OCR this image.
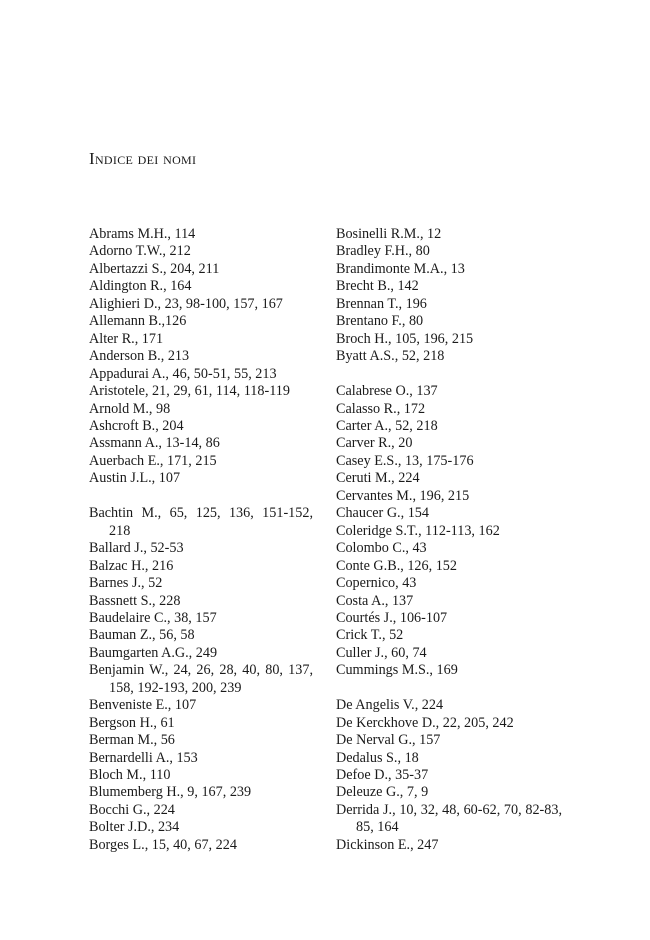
Indice dei nomi
Abrams M.H., 114
Adorno T.W., 212
Albertazzi S., 204, 211
Aldington R., 164
Alighieri D., 23, 98-100, 157, 167
Allemann B.,126
Alter R., 171
Anderson B., 213
Appadurai A., 46, 50-51, 55, 213
Aristotele, 21, 29, 61, 114, 118-119
Arnold M., 98
Ashcroft B., 204
Assmann A., 13-14, 86
Auerbach E., 171, 215
Austin J.L., 107
Bachtin M., 65, 125, 136, 151-152, 218
Ballard J., 52-53
Balzac H., 216
Barnes J., 52
Bassnett S., 228
Baudelaire C., 38, 157
Bauman Z., 56, 58
Baumgarten A.G., 249
Benjamin W., 24, 26, 28, 40, 80, 137, 158, 192-193, 200, 239
Benveniste E., 107
Bergson H., 61
Berman M., 56
Bernardelli A., 153
Bloch M., 110
Blumemberg H., 9, 167, 239
Bocchi G., 224
Bolter J.D., 234
Borges L., 15, 40, 67, 224
Bosinelli R.M., 12
Bradley F.H., 80
Brandimonte M.A., 13
Brecht B., 142
Brennan T., 196
Brentano F., 80
Broch H., 105, 196, 215
Byatt A.S., 52, 218
Calabrese O., 137
Calasso R., 172
Carter A., 52, 218
Carver R., 20
Casey E.S., 13, 175-176
Ceruti M., 224
Cervantes M., 196, 215
Chaucer G., 154
Coleridge S.T., 112-113, 162
Colombo C., 43
Conte G.B., 126, 152
Copernico, 43
Costa A., 137
Courtés J., 106-107
Crick T., 52
Culler J., 60, 74
Cummings M.S., 169
De Angelis V., 224
De Kerckhove D., 22, 205, 242
De Nerval G., 157
Dedalus S., 18
Defoe D., 35-37
Deleuze G., 7, 9
Derrida J., 10, 32, 48, 60-62, 70, 82-83, 85, 164
Dickinson E., 247
